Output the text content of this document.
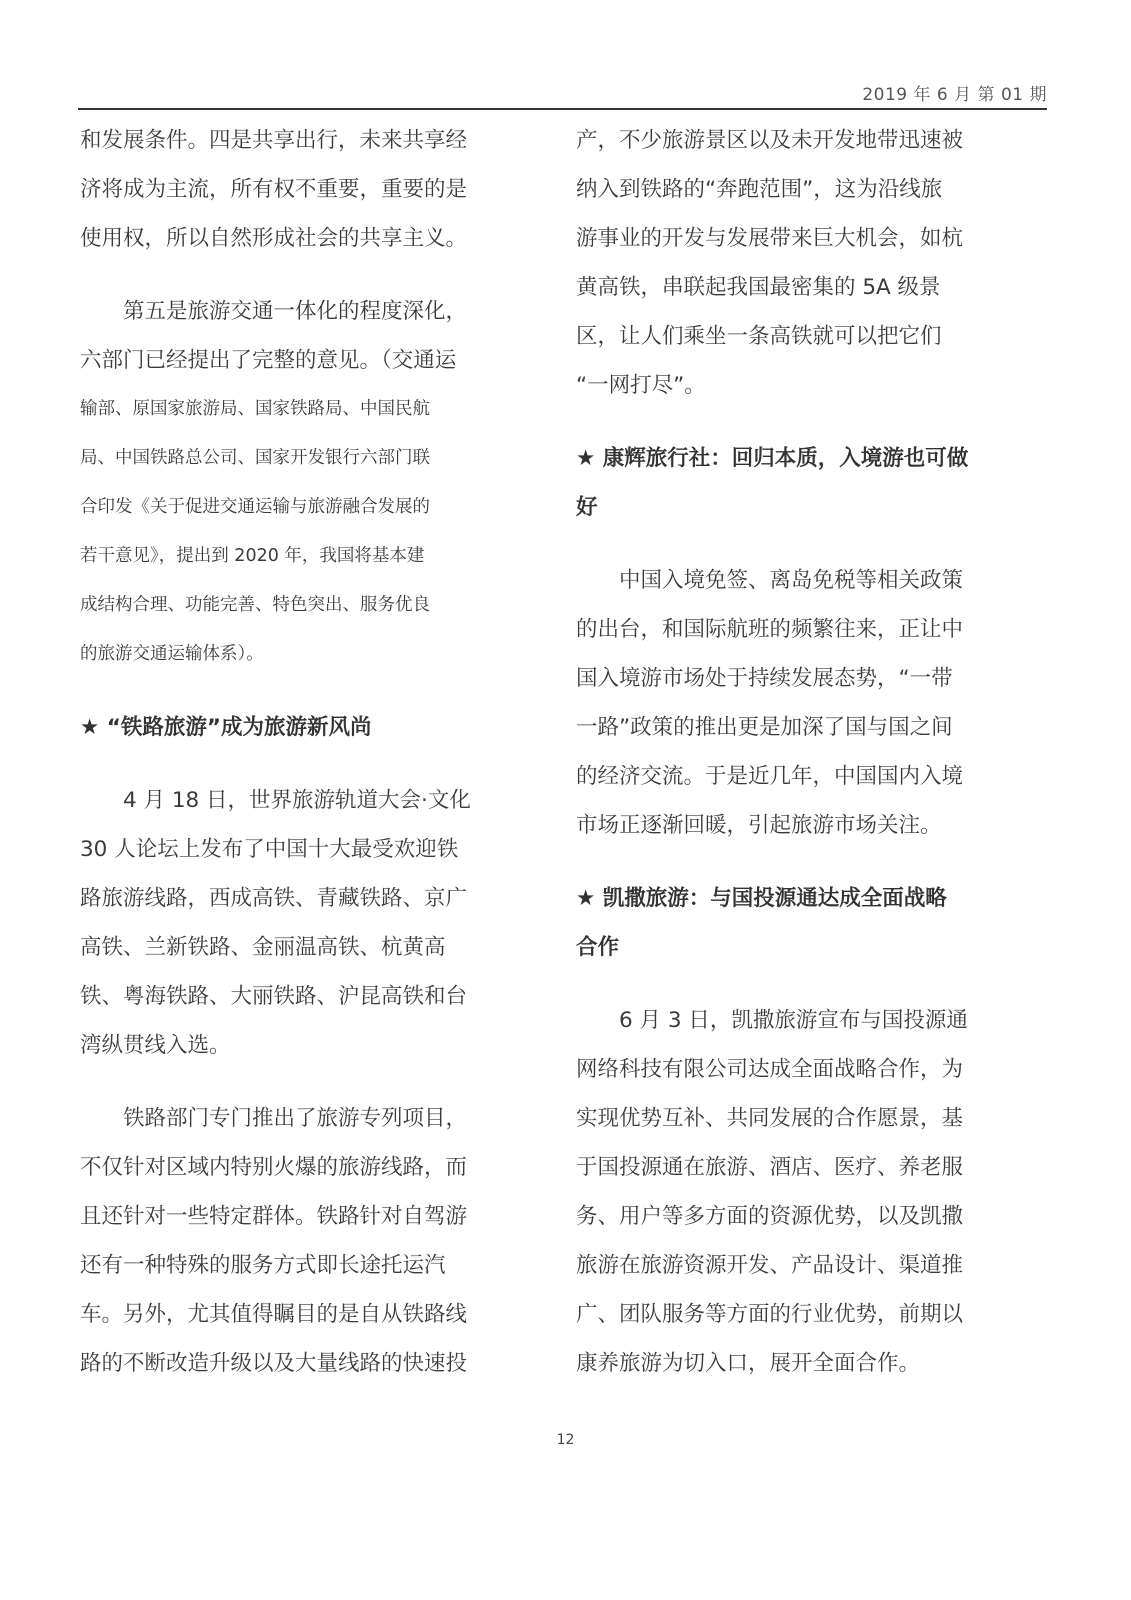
2019 年 6 月 第 01 期
和发展条件。四是共享出行，未来共享经
济将成为主流，所有权不重要，重要的是
使用权，所以自然形成社会的共享主义。
第五是旅游交通一体化的程度深化，
六部门已经提出了完整的意见。（交通运
输部、原国家旅游局、国家铁路局、中国民航
局、中国铁路总公司、国家开发银行六部门联
合印发《关于促进交通运输与旅游融合发展的
若干意见》，提出到 2020 年，我国将基本建
成结构合理、功能完善、特色突出、服务优良
的旅游交通运输体系）。
★ “铁路旅游”成为旅游新风尚
4 月 18 日，世界旅游轨道大会·文化
30 人论坛上发布了中国十大最受欢迎铁
路旅游线路，西成高铁、青藏铁路、京广
高铁、兰新铁路、金丽温高铁、杭黄高
铁、粤海铁路、大丽铁路、沪昆高铁和台
湾纵贯线入选。
铁路部门专门推出了旅游专列项目，
不仅针对区域内特别火爆的旅游线路，而
且还针对一些特定群体。铁路针对自驾游
还有一种特殊的服务方式即长途托运汽
车。另外，尤其值得瞩目的是自从铁路线
路的不断改造升级以及大量线路的快速投
产，不少旅游景区以及未开发地带迅速被
纳入到铁路的“奔跑范围”，这为沿线旅
游事业的开发与发展带来巨大机会，如杭
黄高铁，串联起我国最密集的 5A 级景
区，让人们乘坐一条高铁就可以把它们
“一网打尽”。
★ 康辉旅行社：回归本质，入境游也可做
好
中国入境免签、离岛免税等相关政策
的出台，和国际航班的频繁往来，正让中
国入境游市场处于持续发展态势，“一带
一路”政策的推出更是加深了国与国之间
的经济交流。于是近几年，中国国内入境
市场正逐渐回暖，引起旅游市场关注。
★ 凯撒旅游：与国投源通达成全面战略
合作
6 月 3 日，凯撒旅游宣布与国投源通
网络科技有限公司达成全面战略合作，为
实现优势互补、共同发展的合作愿景，基
于国投源通在旅游、酒店、医疗、养老服
务、用户等多方面的资源优势，以及凯撒
旅游在旅游资源开发、产品设计、渠道推
广、团队服务等方面的行业优势，前期以
康养旅游为切入口，展开全面合作。
12
